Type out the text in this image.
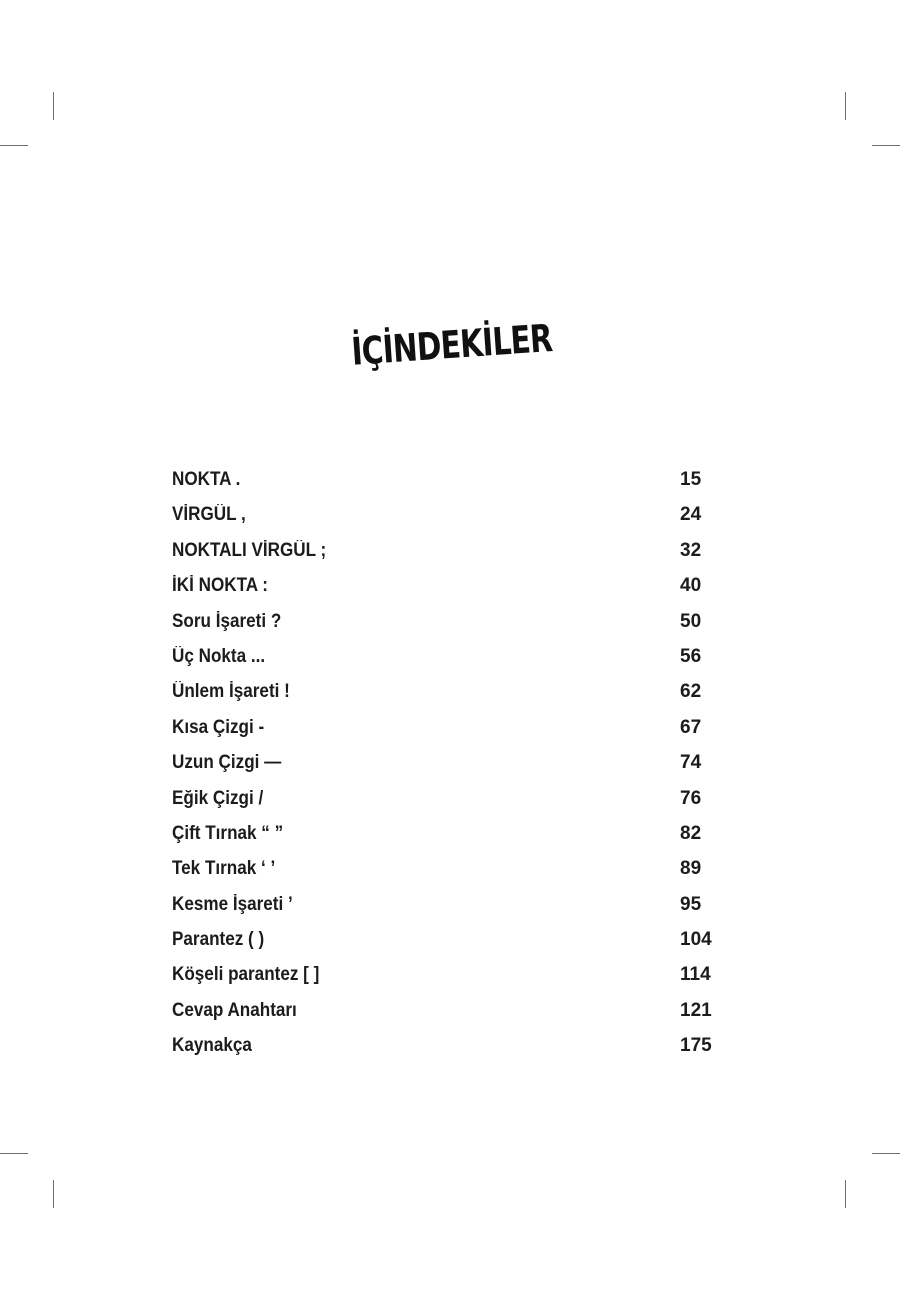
İÇİNDEKİLER
NOKTA .	15
VİRGÜL ,	24
NOKTALI VİRGÜL ;	32
İKİ NOKTA :	40
Soru İşareti ?	50
Üç Nokta ...	56
Ünlem İşareti !	62
Kısa Çizgi -	67
Uzun Çizgi —	74
Eğik Çizgi /	76
Çift Tırnak “ ”	82
Tek Tırnak ‘ ’	89
Kesme İşareti ’	95
Parantez ( )	104
Köşeli parantez [ ]	114
Cevap Anahtarı	121
Kaynakça	175
